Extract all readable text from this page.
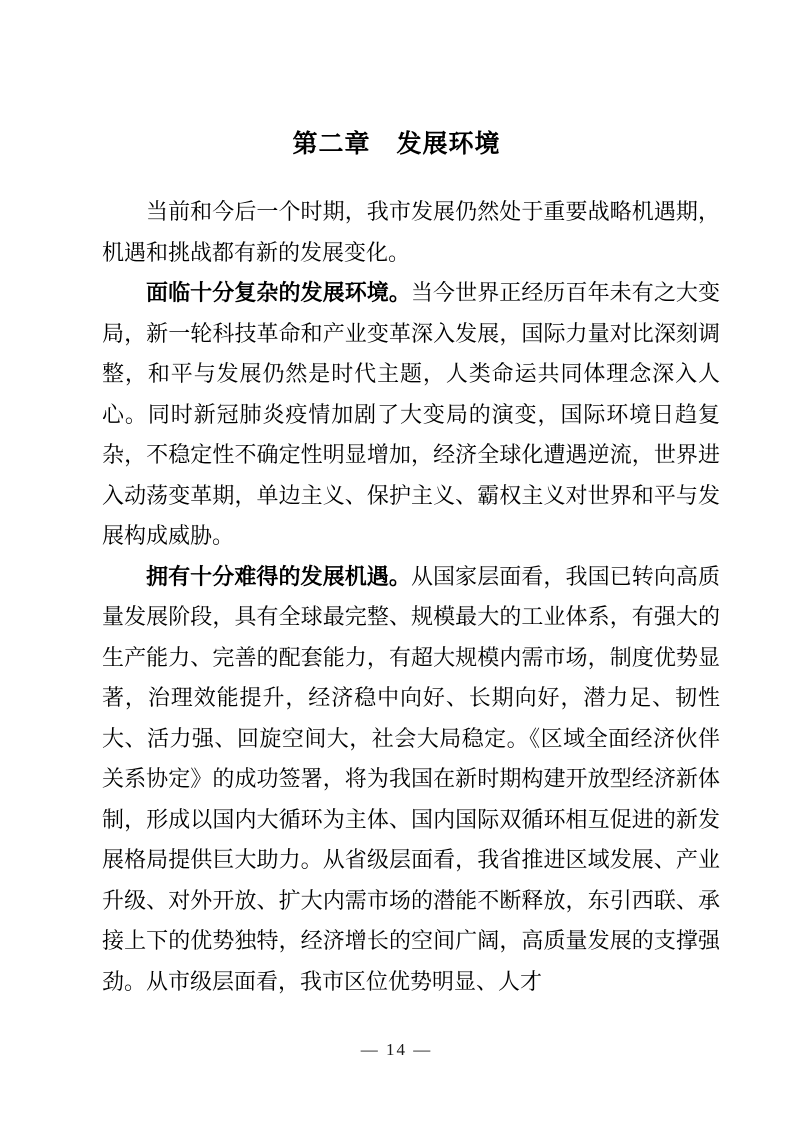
第二章　发展环境

当前和今后一个时期，我市发展仍然处于重要战略机遇期，机遇和挑战都有新的发展变化。

面临十分复杂的发展环境。当今世界正经历百年未有之大变局，新一轮科技革命和产业变革深入发展，国际力量对比深刻调整，和平与发展仍然是时代主题，人类命运共同体理念深入人心。同时新冠肺炎疫情加剧了大变局的演变，国际环境日趋复杂，不稳定性不确定性明显增加，经济全球化遭遇逆流，世界进入动荡变革期，单边主义、保护主义、霸权主义对世界和平与发展构成威胁。

拥有十分难得的发展机遇。从国家层面看，我国已转向高质量发展阶段，具有全球最完整、规模最大的工业体系，有强大的生产能力、完善的配套能力，有超大规模内需市场，制度优势显著，治理效能提升，经济稳中向好、长期向好，潜力足、韧性大、活力强、回旋空间大，社会大局稳定。《区域全面经济伙伴关系协定》的成功签署，将为我国在新时期构建开放型经济新体制，形成以国内大循环为主体、国内国际双循环相互促进的新发展格局提供巨大助力。从省级层面看，我省推进区域发展、产业升级、对外开放、扩大内需市场的潜能不断释放，东引西联、承接上下的优势独特，经济增长的空间广阔，高质量发展的支撑强劲。从市级层面看，我市区位优势明显、人才

— 14 —
